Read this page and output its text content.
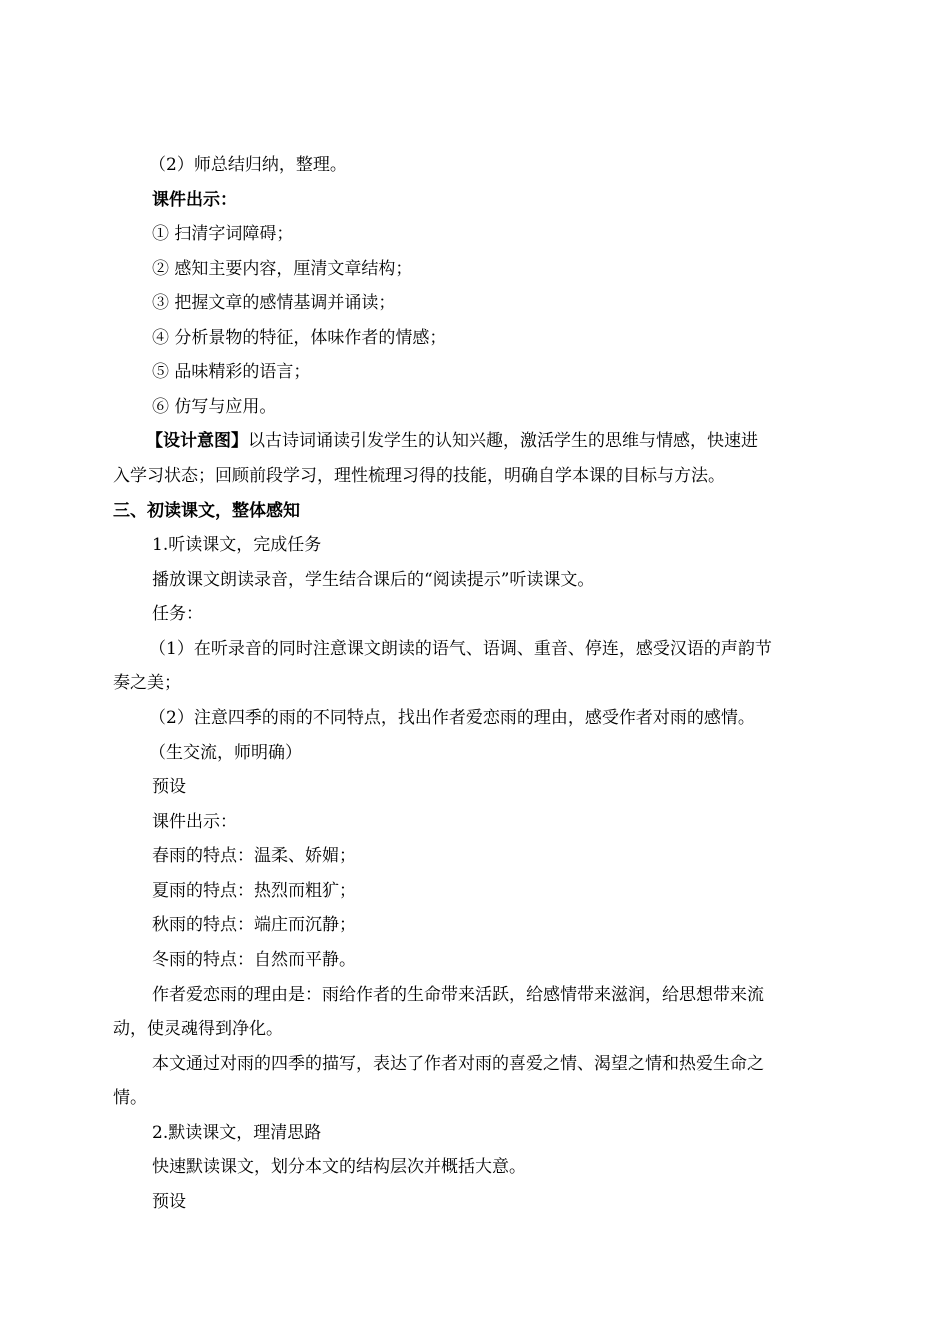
（2）师总结归纳，整理。
课件出示：
① 扫清字词障碍；
② 感知主要内容，厘清文章结构；
③ 把握文章的感情基调并诵读；
④ 分析景物的特征，体味作者的情感；
⑤ 品味精彩的语言；
⑥ 仿写与应用。
【设计意图】以古诗词诵读引发学生的认知兴趣，激活学生的思维与情感，快速进
入学习状态；回顾前段学习，理性梳理习得的技能，明确自学本课的目标与方法。
三、初读课文，整体感知
1.听读课文，完成任务
播放课文朗读录音，学生结合课后的“阅读提示”听读课文。
任务：
（1）在听录音的同时注意课文朗读的语气、语调、重音、停连，感受汉语的声韵节
奏之美；
（2）注意四季的雨的不同特点，找出作者爱恋雨的理由，感受作者对雨的感情。
（生交流，师明确）
预设
课件出示：
春雨的特点：温柔、娇媚；
夏雨的特点：热烈而粗犷；
秋雨的特点：端庄而沉静；
冬雨的特点：自然而平静。
作者爱恋雨的理由是：雨给作者的生命带来活跃，给感情带来滋润，给思想带来流
动，使灵魂得到净化。
本文通过对雨的四季的描写，表达了作者对雨的喜爱之情、渴望之情和热爱生命之
情。
2.默读课文，理清思路
快速默读课文，划分本文的结构层次并概括大意。
预设
